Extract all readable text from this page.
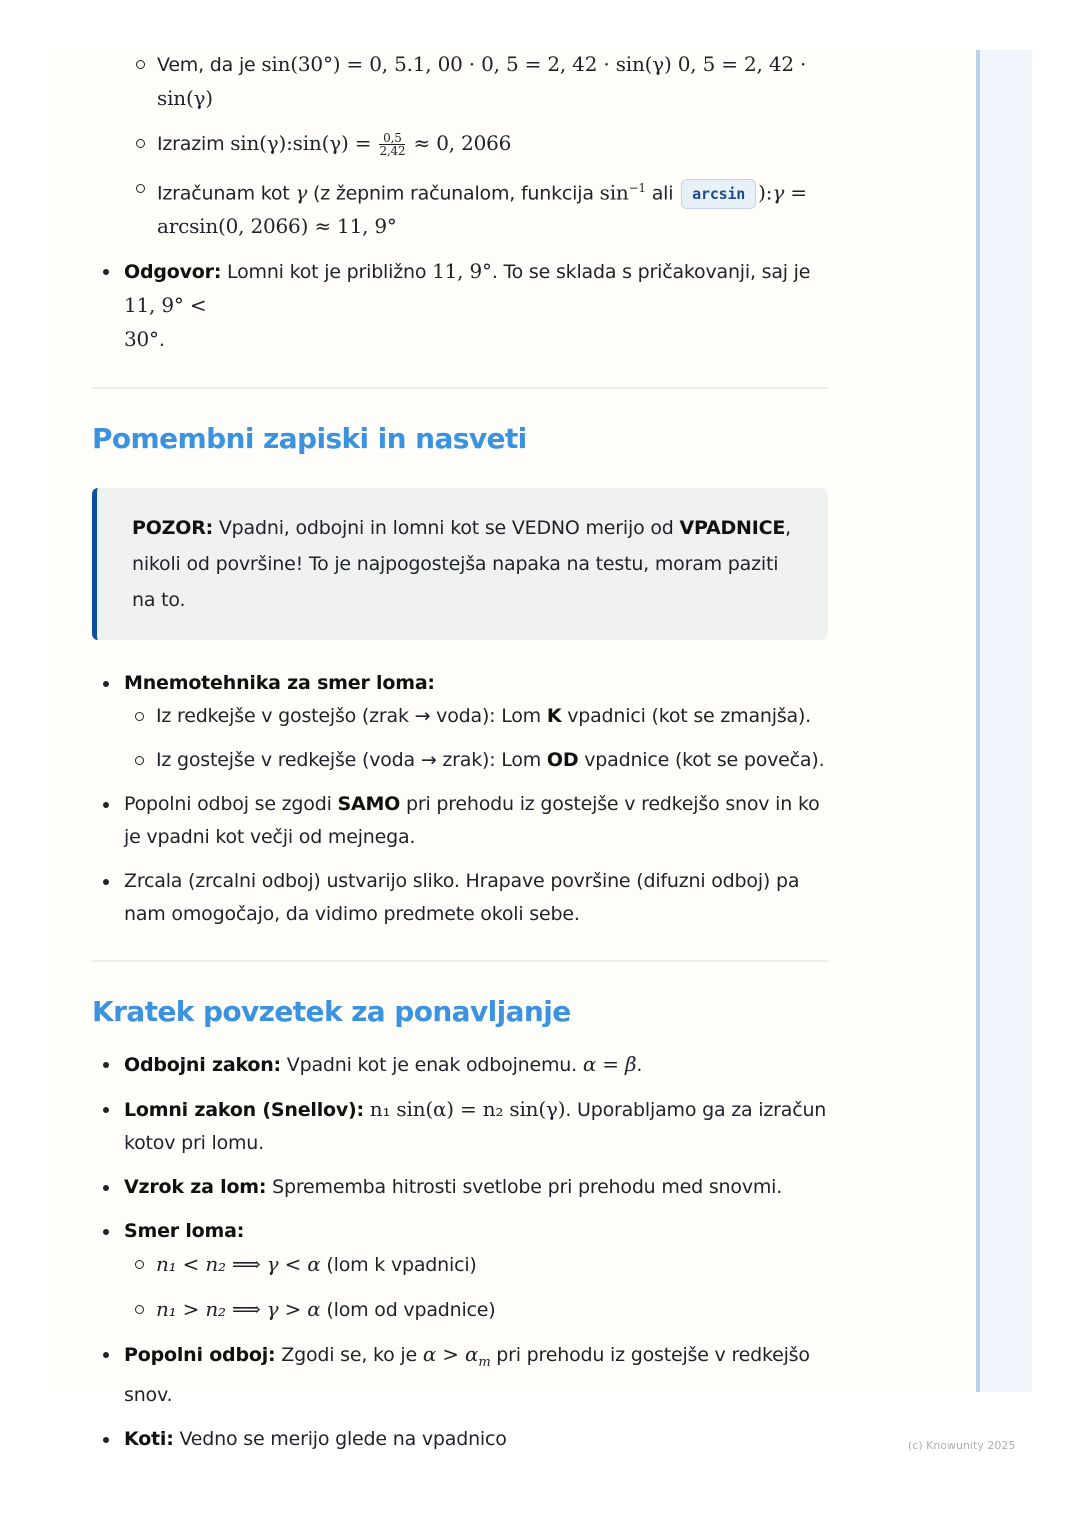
Vem, da je sin(30°) = 0, 5.1, 00 · 0, 5 = 2, 42 · sin(γ) 0, 5 = 2, 42 · sin(γ)
Izrazim sin(γ):sin(γ) = $\frac{0,5}{2,42} \approx 0$, 2066
Izračunam kot γ (z žepnim računalom, funkcija $\sin^{-1}$ ali arcsin ):γ =
arcsin(0, 2066) ≈ 11, 9°
Odgovor: Lomni kot je približno 11, 9°. To se sklada s pričakovanji, saj je 11, 9° <
30°.
Pomembni zapiski in nasveti
POZOR: Vpadni, odbojni in lomni kot se VEDNO merijo od VPADNICE, nikoli od površine! To je najpogostejša napaka na testu, moram paziti na to.
Mnemotehnika za smer loma:
Iz redkejše v gostejšo (zrak → voda): Lom K vpadnici (kot se zmanjša).
Iz gostejše v redkejše (voda → zrak): Lom OD vpadnice (kot se poveča).
Popolni odboj se zgodi SAMO pri prehodu iz gostejše v redkejšo snov in ko je vpadni kot večji od mejnega.
Zrcala (zrcalni odboj) ustvarijo sliko. Hrapave površine (difuzni odboj) pa nam omogočajo, da vidimo predmete okoli sebe.
Kratek povzetek za ponavljanje
Odbojni zakon: Vpadni kot je enak odbojnemu. α = β.
Lomni zakon (Snellov): n₁ sin(α) = n₂ sin(γ). Uporabljamo ga za izračun kotov pri lomu.
Vzrok za lom: Sprememba hitrosti svetlobe pri prehodu med snovmi.
Smer loma:
n₁ < n₂ ⟹ γ < α (lom k vpadnici)
n₁ > n₂ ⟹ γ > α (lom od vpadnice)
Popolni odboj: Zgodi se, ko je $\alpha > \alpha_m$ pri prehodu iz gostejše v redkejšo snov.
Koti: Vedno se merijo glede na vpadnico	(c) Knowunity 2025
